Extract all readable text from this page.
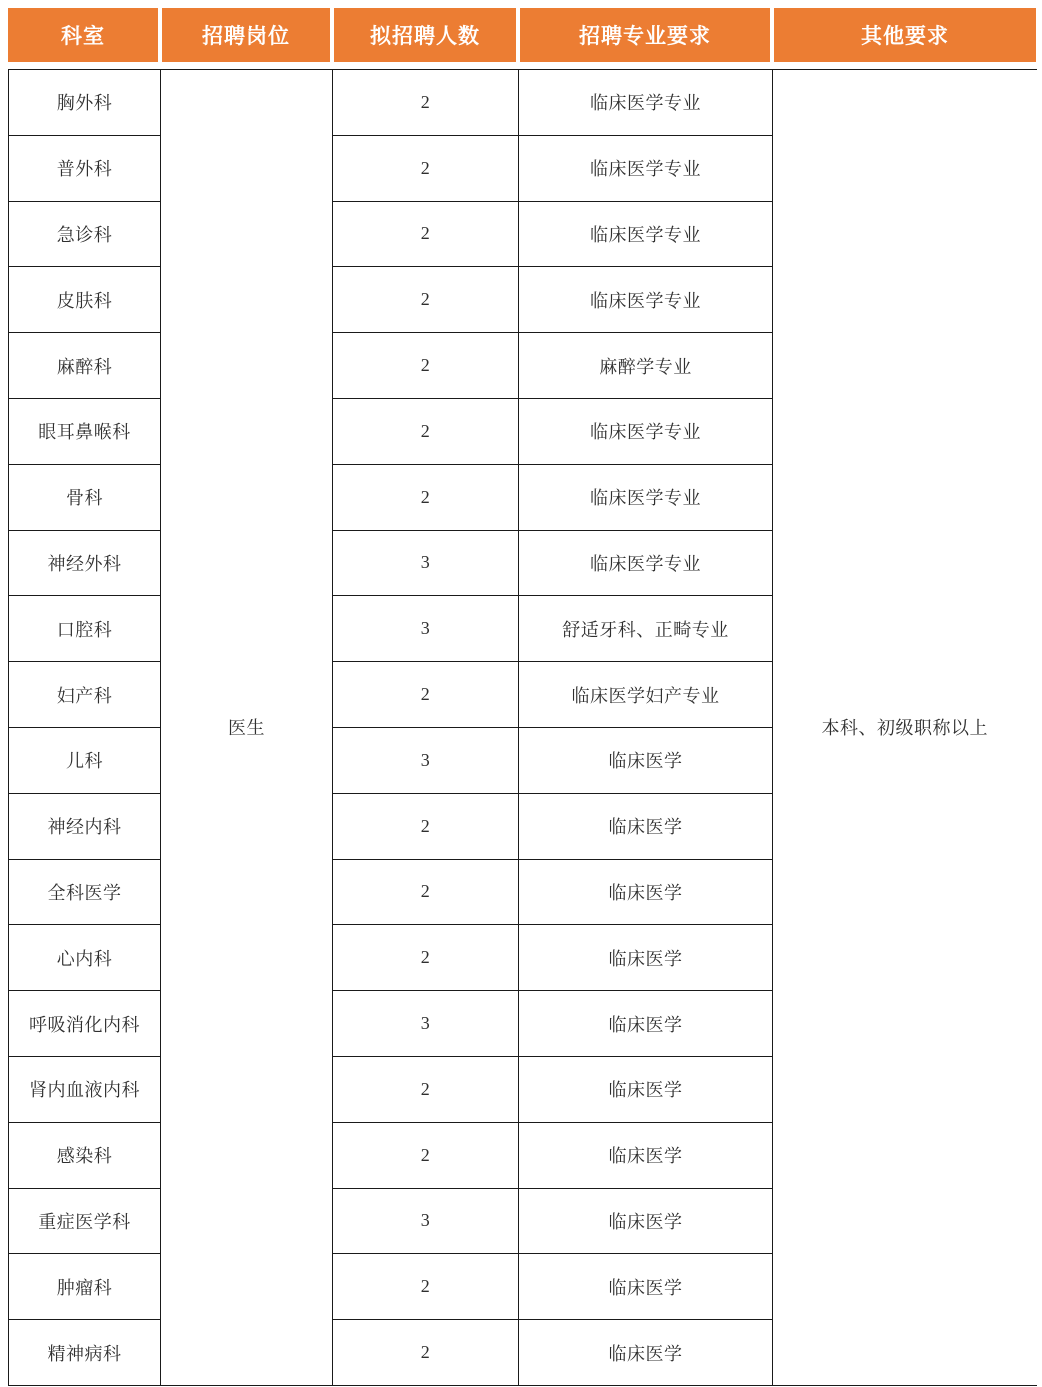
科室	招聘岗位	拟招聘人数	招聘专业要求	其他要求
胸外科	医生	2	临床医学专业	本科、初级职称以上
普外科		2	临床医学专业	
急诊科		2	临床医学专业	
皮肤科		2	临床医学专业	
麻醉科		2	麻醉学专业	
眼耳鼻喉科		2	临床医学专业	
骨科		2	临床医学专业	
神经外科		3	临床医学专业	
口腔科		3	舒适牙科、正畸专业	
妇产科		2	临床医学妇产专业	
儿科		3	临床医学	
神经内科		2	临床医学	
全科医学		2	临床医学	
心内科		2	临床医学	
呼吸消化内科		3	临床医学	
肾内血液内科		2	临床医学	
感染科		2	临床医学	
重症医学科		3	临床医学	
肿瘤科		2	临床医学	
精神病科		2	临床医学	
